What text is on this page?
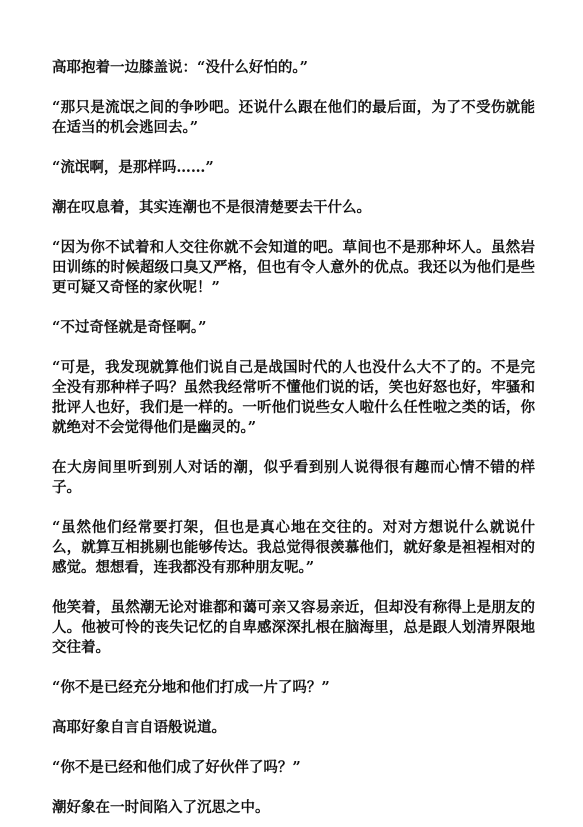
高耶抱着一边膝盖说：“没什么好怕的。”

“那只是流氓之间的争吵吧。还说什么跟在他们的最后面，为了不受伤就能在适当的机会逃回去。”

“流氓啊，是那样吗……”

潮在叹息着，其实连潮也不是很清楚要去干什么。

“因为你不试着和人交往你就不会知道的吧。草间也不是那种坏人。虽然岩田训练的时候超级口臭又严格，但也有令人意外的优点。我还以为他们是些更可疑又奇怪的家伙呢！”

“不过奇怪就是奇怪啊。”

“可是，我发现就算他们说自己是战国时代的人也没什么大不了的。不是完全没有那种样子吗？虽然我经常听不懂他们说的话，笑也好怒也好，牢骚和批评人也好，我们是一样的。一听他们说些女人啦什么任性啦之类的话，你就绝对不会觉得他们是幽灵的。”

在大房间里听到别人对话的潮，似乎看到别人说得很有趣而心情不错的样子。

“虽然他们经常要打架，但也是真心地在交往的。对对方想说什么就说什么，就算互相挑剔也能够传达。我总觉得很羡慕他们，就好象是袒裎相对的感觉。想想看，连我都没有那种朋友呢。”

他笑着，虽然潮无论对谁都和蔼可亲又容易亲近，但却没有称得上是朋友的人。他被可怜的丧失记忆的自卑感深深扎根在脑海里，总是跟人划清界限地交往着。

“你不是已经充分地和他们打成一片了吗？”

高耶好象自言自语般说道。

“你不是已经和他们成了好伙伴了吗？”

潮好象在一时间陷入了沉思之中。
